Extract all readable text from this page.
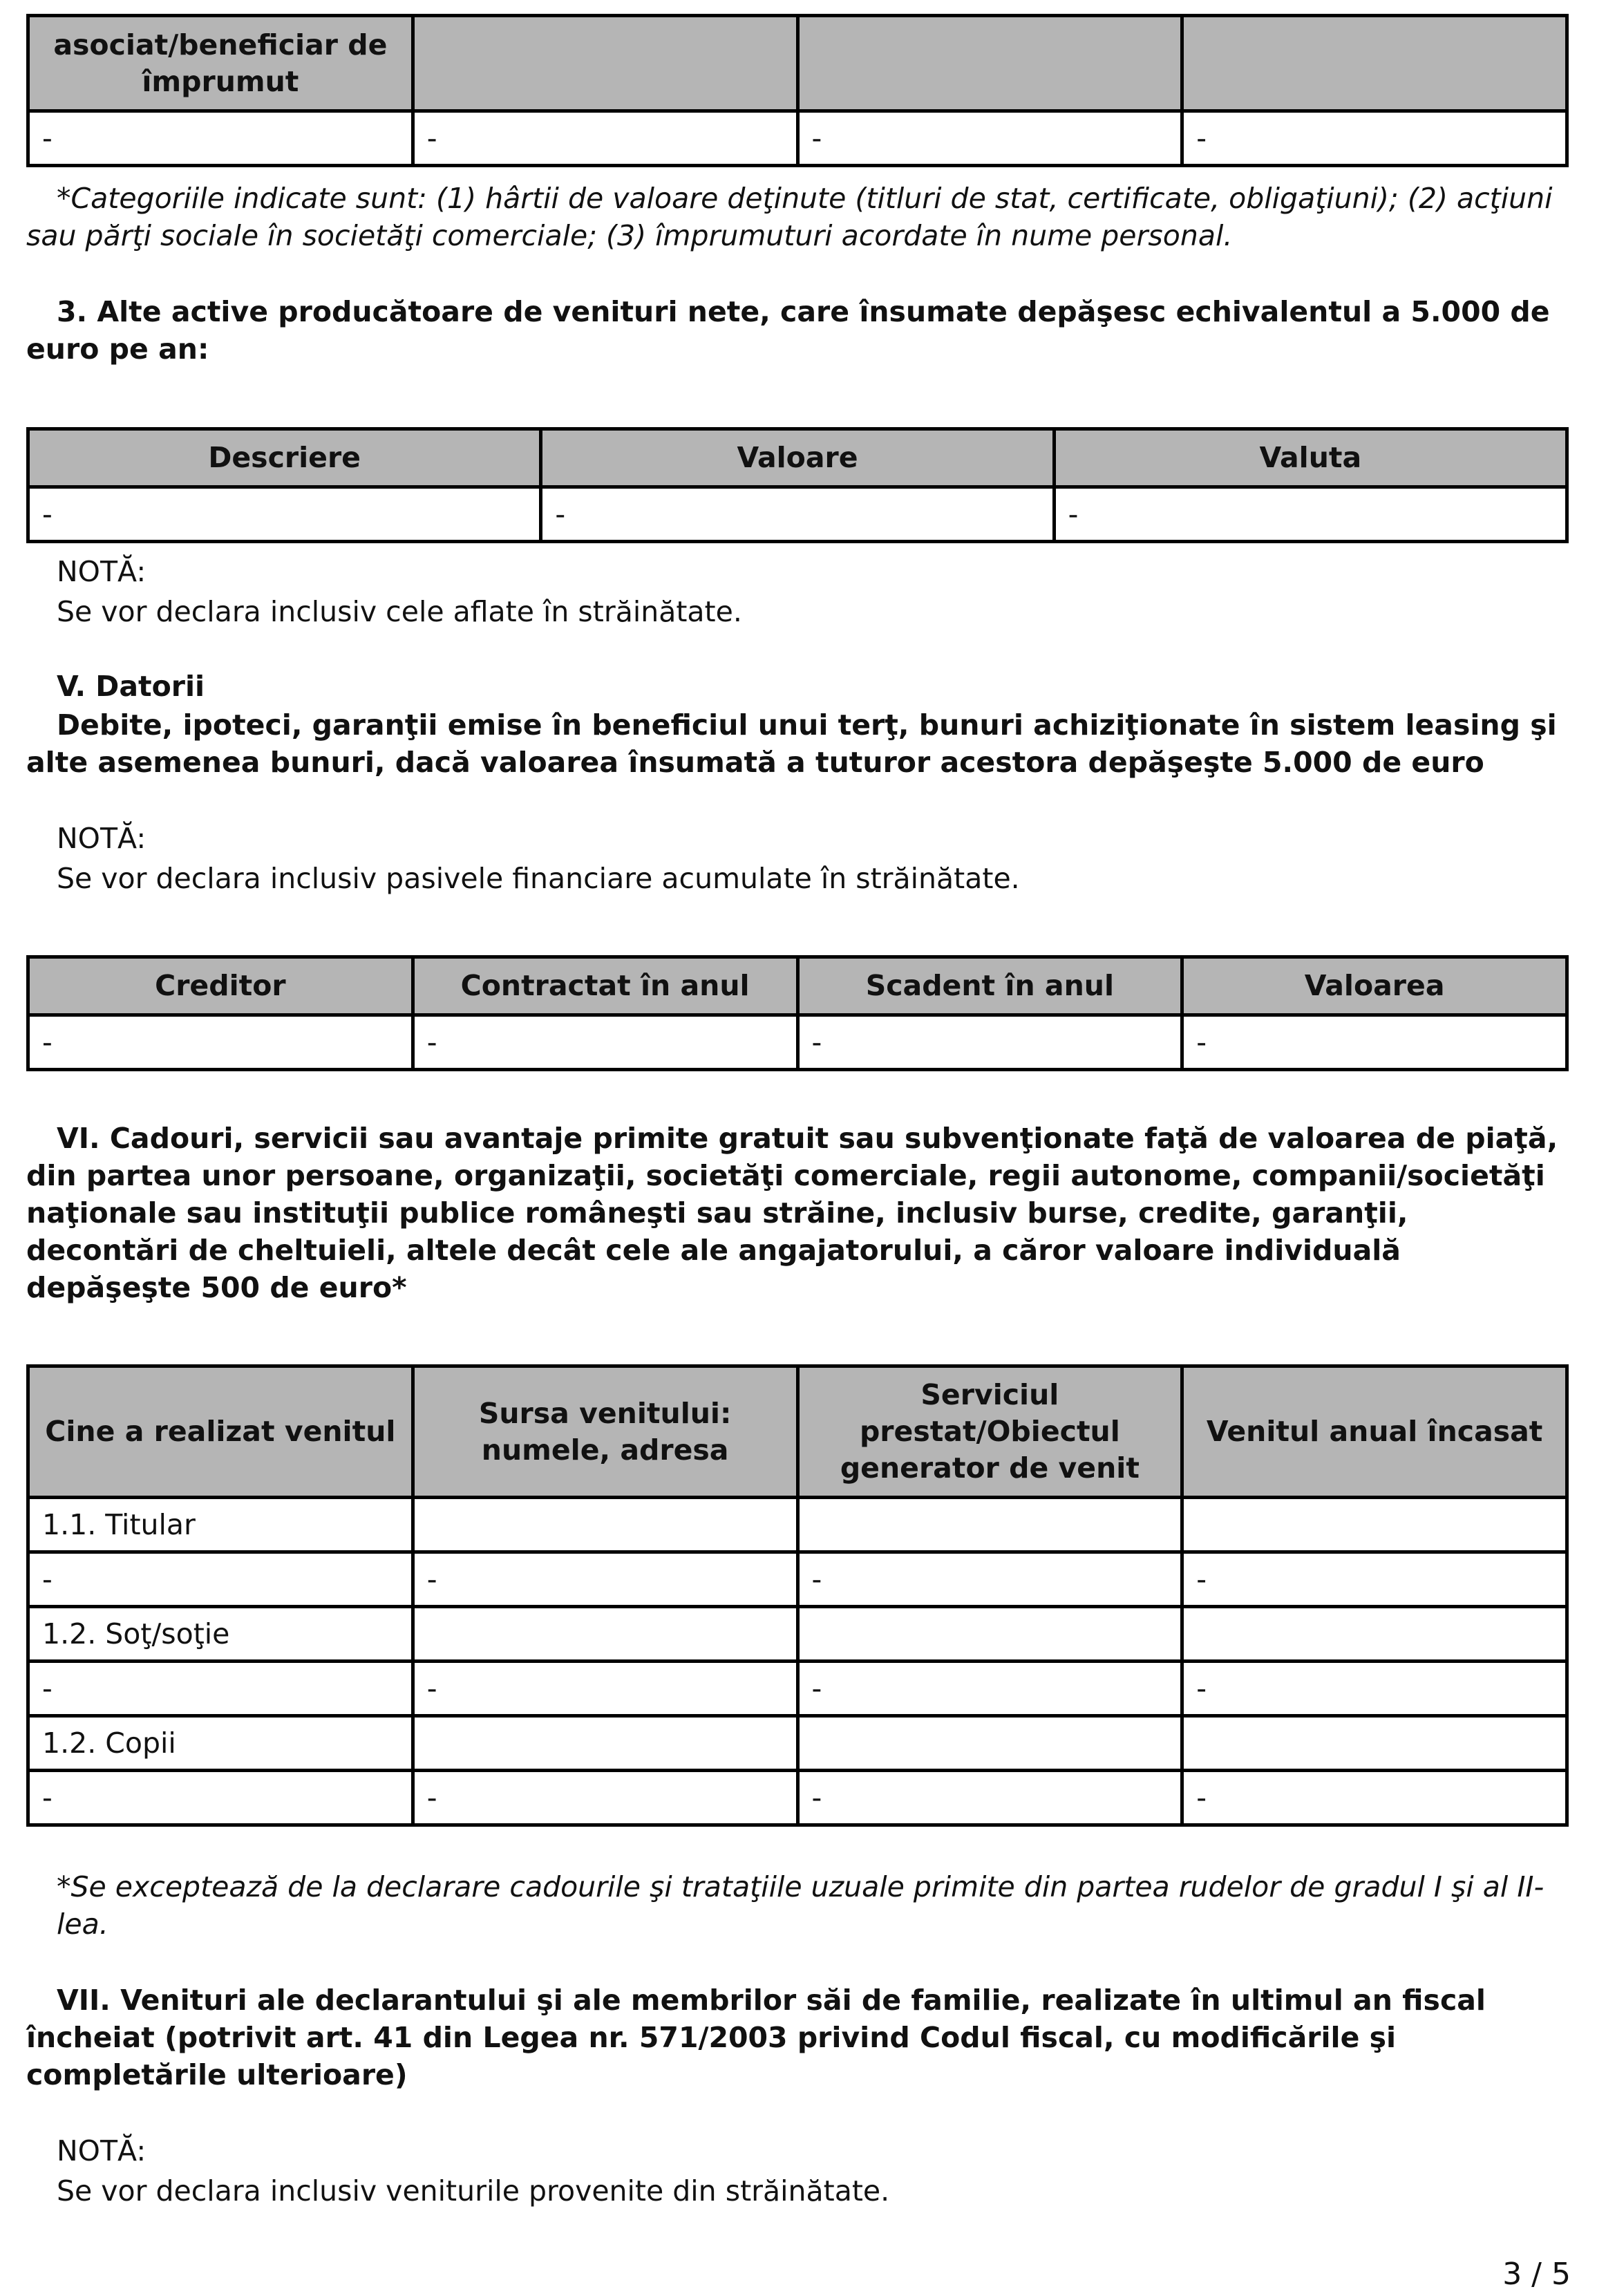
asociat/beneficiar de împrumut			
-	-	-	-

*Categoriile indicate sunt: (1) hârtii de valoare deţinute (titluri de stat, certificate, obligaţiuni); (2) acţiuni sau părţi sociale în societăţi comerciale; (3) împrumuturi acordate în nume personal.

3. Alte active producătoare de venituri nete, care însumate depăşesc echivalentul a 5.000 de euro pe an:

Descriere	Valoare	Valuta
-	-	-

NOTĂ:

Se vor declara inclusiv cele aflate în străinătate.

V. Datorii

Debite, ipoteci, garanţii emise în beneficiul unui terţ, bunuri achiziţionate în sistem leasing şi alte asemenea bunuri, dacă valoarea însumată a tuturor acestora depăşeşte 5.000 de euro

NOTĂ:

Se vor declara inclusiv pasivele financiare acumulate în străinătate.

Creditor	Contractat în anul	Scadent în anul	Valoarea
-	-	-	-

VI. Cadouri, servicii sau avantaje primite gratuit sau subvenţionate faţă de valoarea de piaţă, din partea unor persoane, organizaţii, societăţi comerciale, regii autonome, companii/societăţi naţionale sau instituţii publice româneşti sau străine, inclusiv burse, credite, garanţii, decontări de cheltuieli, altele decât cele ale angajatorului, a căror valoare individuală depăşeşte 500 de euro*

Cine a realizat venitul	Sursa venitului: numele, adresa	Serviciul prestat/Obiectul generator de venit	Venitul anual încasat
1.1. Titular			
-	-	-	-
1.2. Soţ/soţie			
-	-	-	-
1.2. Copii			
-	-	-	-

*Se exceptează de la declarare cadourile şi trataţiile uzuale primite din partea rudelor de gradul I şi al II-lea.

VII. Venituri ale declarantului şi ale membrilor săi de familie, realizate în ultimul an fiscal încheiat (potrivit art. 41 din Legea nr. 571/2003 privind Codul fiscal, cu modificările şi completările ulterioare)

NOTĂ:

Se vor declara inclusiv veniturile provenite din străinătate.

3 / 5
